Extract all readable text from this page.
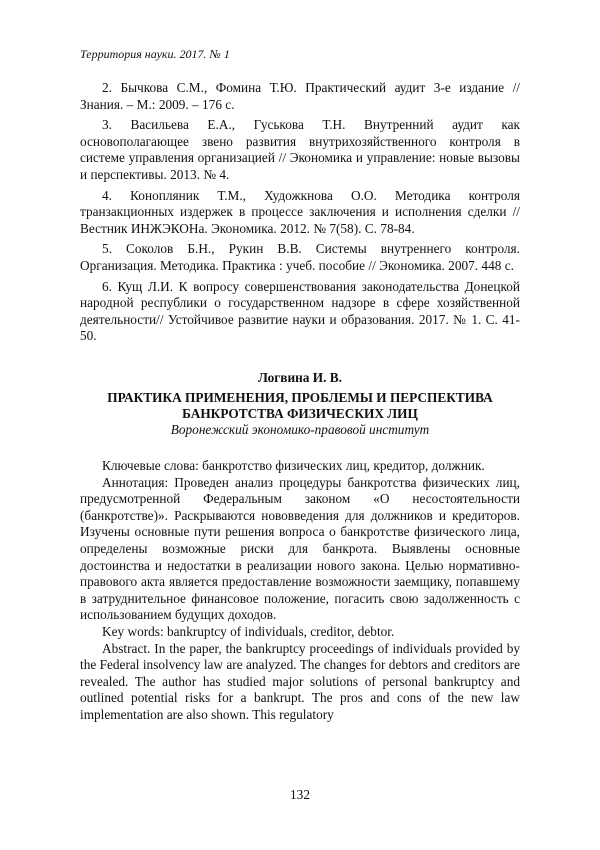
Территория науки. 2017. № 1

2. Бычкова С.М., Фомина Т.Ю. Практический аудит 3-е издание // Знания. – М.: 2009. – 176 с.

3. Васильева Е.А., Гуськова Т.Н. Внутренний аудит как основополагающее звено развития внутрихозяйственного контроля в системе управления организацией // Экономика и управление: новые вызовы и перспективы. 2013. № 4.

4. Конопляник Т.М., Художкнова О.О. Методика контроля транзакционных издержек в процессе заключения и исполнения сделки // Вестник ИНЖЭКОНа. Экономика. 2012. № 7(58). С. 78-84.

5. Соколов Б.Н., Рукин В.В. Системы внутреннего контроля. Организация. Методика. Практика : учеб. пособие // Экономика. 2007. 448 с.

6. Кущ Л.И. К вопросу совершенствования законодательства Донецкой народной республики о государственном надзоре в сфере хозяйственной деятельности// Устойчивое развитие науки и образования. 2017. № 1. С. 41-50.

Логвина И. В.

ПРАКТИКА ПРИМЕНЕНИЯ, ПРОБЛЕМЫ И ПЕРСПЕКТИВА

БАНКРОТСТВА ФИЗИЧЕСКИХ ЛИЦ

Воронежский экономико-правовой институт

Ключевые слова: банкротство физических лиц, кредитор, должник.

Аннотация: Проведен анализ процедуры банкротства физических лиц, предусмотренной Федеральным законом «О несостоятельности (банкротстве)». Раскрываются нововведения для должников и кредиторов. Изучены основные пути решения вопроса о банкротстве физического лица, определены возможные риски для банкрота. Выявлены основные достоинства и недостатки в реализации нового закона. Целью нормативно-правового акта является предоставление возможности заемщику, попавшему в затруднительное финансовое положение, погасить свою задолженность с использованием будущих доходов.

Key words: bankruptcy of individuals, creditor, debtor.

Abstract. In the paper, the bankruptcy proceedings of individuals provided by the Federal insolvency law are analyzed. The changes for debtors and creditors are revealed. The author has studied major solutions of personal bankruptcy and outlined potential risks for a bankrupt. The pros and cons of the new law implementation are also shown. This regulatory

132
